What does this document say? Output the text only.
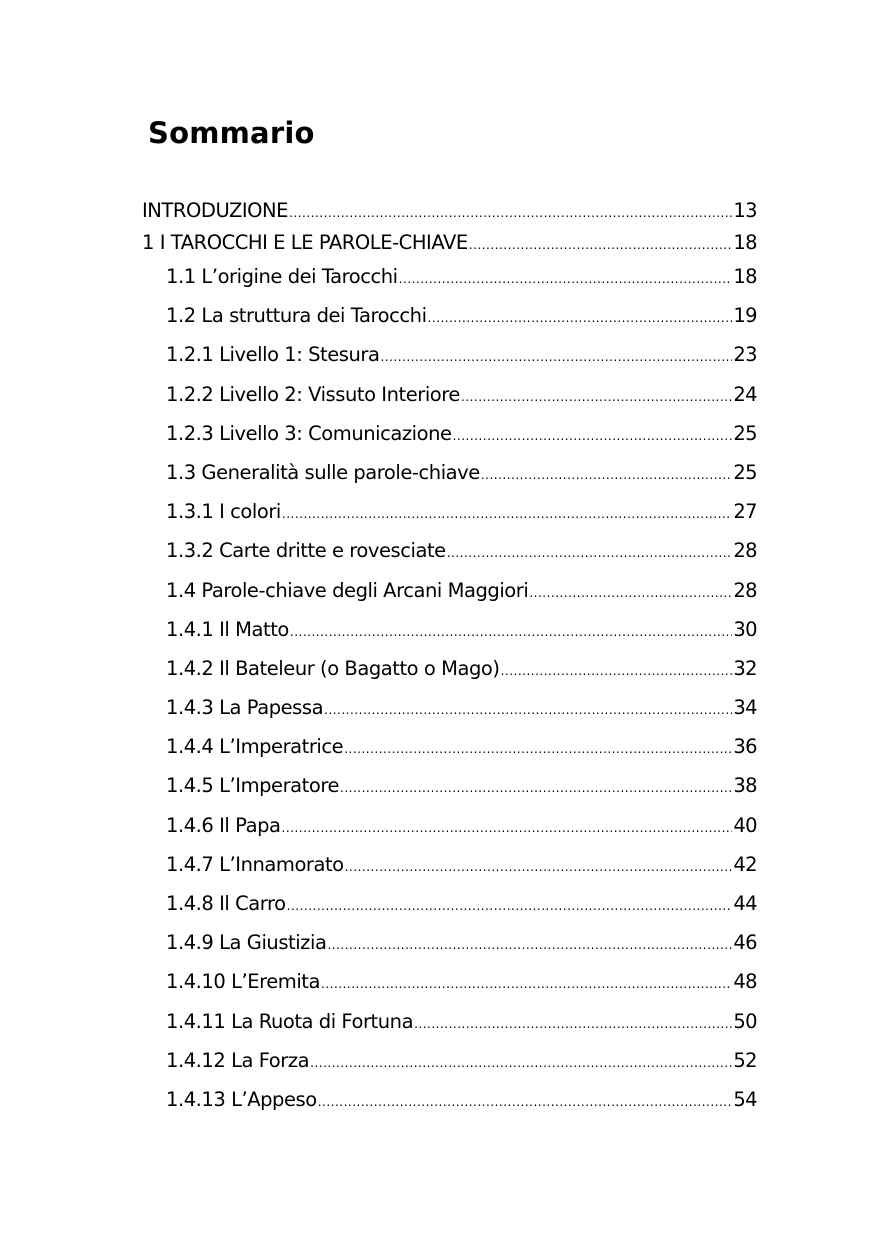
Sommario
INTRODUZIONE .....	13
1 I TAROCCHI E LE PAROLE-CHIAVE .....	18
1.1 L’origine dei Tarocchi .....	18
1.2 La struttura dei Tarocchi .....	19
1.2.1 Livello 1: Stesura .....	23
1.2.2 Livello 2: Vissuto Interiore .....	24
1.2.3 Livello 3: Comunicazione .....	25
1.3 Generalità sulle parole-chiave .....	25
1.3.1 I colori .....	27
1.3.2 Carte dritte e rovesciate .....	28
1.4 Parole-chiave degli Arcani Maggiori .....	28
1.4.1 Il Matto .....	30
1.4.2 Il Bateleur (o Bagatto o Mago) .....	32
1.4.3 La Papessa .....	34
1.4.4 L’Imperatrice .....	36
1.4.5 L’Imperatore .....	38
1.4.6 Il Papa .....	40
1.4.7 L’Innamorato .....	42
1.4.8 Il Carro .....	44
1.4.9 La Giustizia .....	46
1.4.10 L’Eremita .....	48
1.4.11 La Ruota di Fortuna .....	50
1.4.12 La Forza .....	52
1.4.13 L’Appeso .....	54
